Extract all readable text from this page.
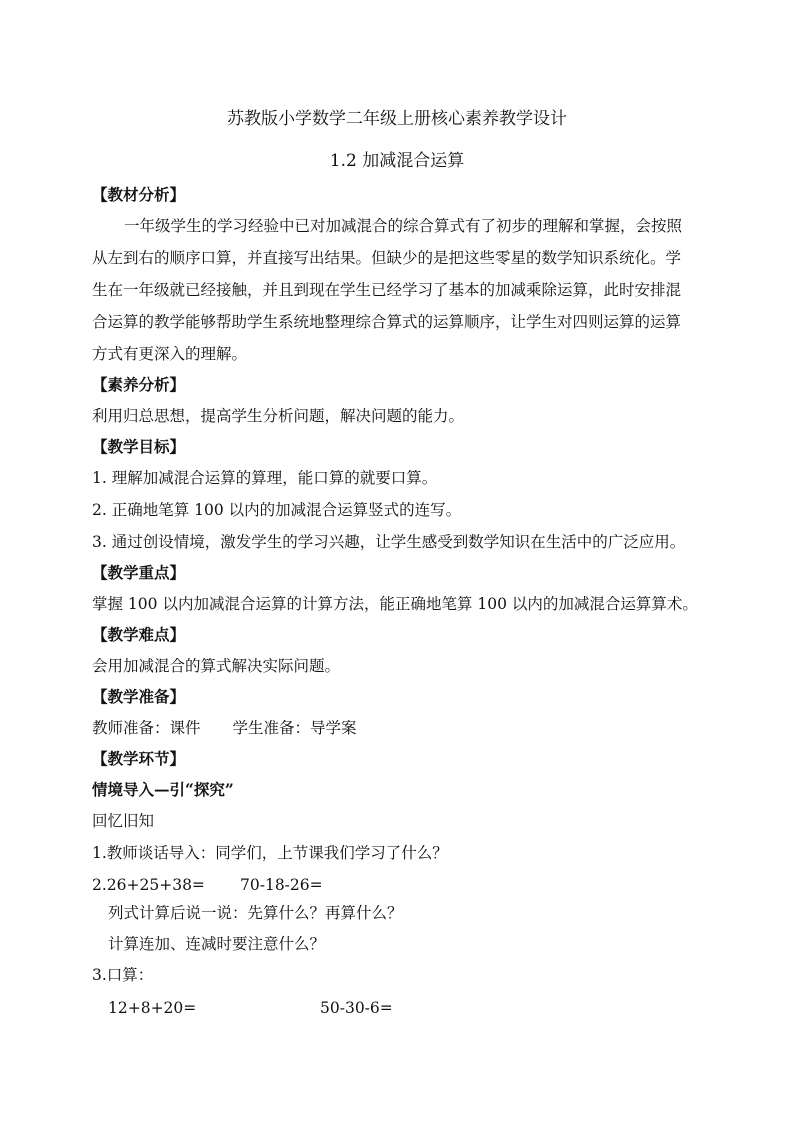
苏教版小学数学二年级上册核心素养教学设计
1.2 加减混合运算
【教材分析】
一年级学生的学习经验中已对加减混合的综合算式有了初步的理解和掌握，会按照
从左到右的顺序口算，并直接写出结果。但缺少的是把这些零星的数学知识系统化。学
生在一年级就已经接触，并且到现在学生已经学习了基本的加减乘除运算，此时安排混
合运算的教学能够帮助学生系统地整理综合算式的运算顺序，让学生对四则运算的运算
方式有更深入的理解。
【素养分析】
利用归总思想，提高学生分析问题，解决问题的能力。
【教学目标】
1. 理解加减混合运算的算理，能口算的就要口算。
2. 正确地笔算 100 以内的加减混合运算竖式的连写。
3. 通过创设情境，激发学生的学习兴趣，让学生感受到数学知识在生活中的广泛应用。
【教学重点】
掌握 100 以内加减混合运算的计算方法，能正确地笔算 100 以内的加减混合运算算术。
【教学难点】
会用加减混合的算式解决实际问题。
【教学准备】
教师准备：课件 学生准备：导学案
【教学环节】
情境导入—引“探究”
回忆旧知
1.教师谈话导入：同学们，上节课我们学习了什么？
2.26+25+38= 70-18-26=
列式计算后说一说：先算什么？再算什么？
计算连加、连减时要注意什么？
3.口算：
12+8+20=	50-30-6=
